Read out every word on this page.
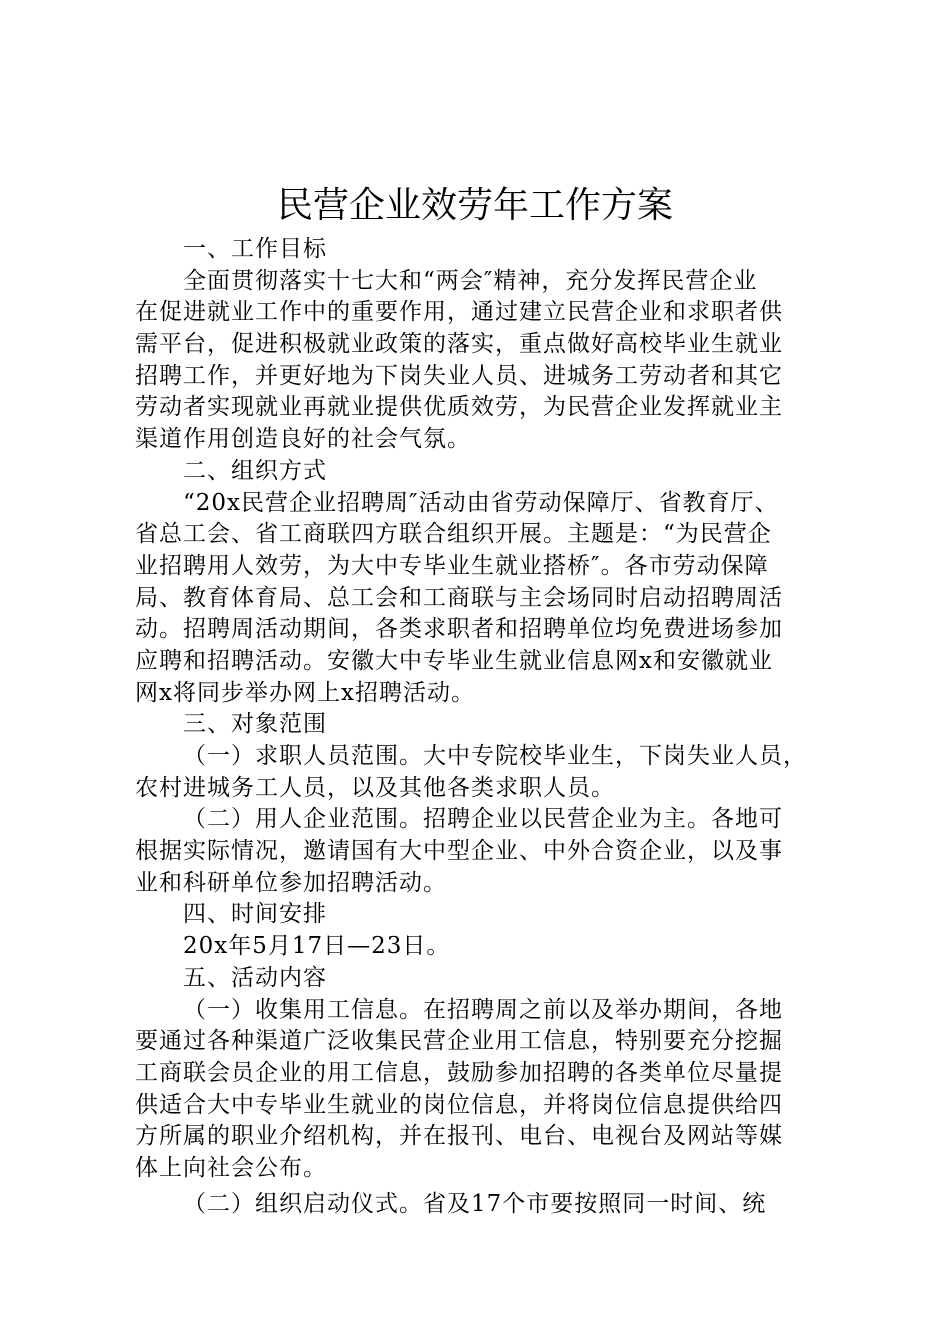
民营企业效劳年工作方案
一、工作目标
全面贯彻落实十七大和“两会″精神，充分发挥民营企业
在促进就业工作中的重要作用，通过建立民营企业和求职者供
需平台，促进积极就业政策的落实，重点做好高校毕业生就业
招聘工作，并更好地为下岗失业人员、进城务工劳动者和其它
劳动者实现就业再就业提供优质效劳，为民营企业发挥就业主
渠道作用创造良好的社会气氛。
二、组织方式
“20x民营企业招聘周″活动由省劳动保障厅、省教育厅、
省总工会、省工商联四方联合组织开展。主题是：“为民营企
业招聘用人效劳，为大中专毕业生就业搭桥″。各市劳动保障
局、教育体育局、总工会和工商联与主会场同时启动招聘周活
动。招聘周活动期间，各类求职者和招聘单位均免费进场参加
应聘和招聘活动。安徽大中专毕业生就业信息网x和安徽就业
网x将同步举办网上x招聘活动。
三、对象范围
（一）求职人员范围。大中专院校毕业生，下岗失业人员，
农村进城务工人员，以及其他各类求职人员。
（二）用人企业范围。招聘企业以民营企业为主。各地可
根据实际情况，邀请国有大中型企业、中外合资企业，以及事
业和科研单位参加招聘活动。
四、时间安排
20x年5月17日—23日。
五、活动内容
（一）收集用工信息。在招聘周之前以及举办期间，各地
要通过各种渠道广泛收集民营企业用工信息，特别要充分挖掘
工商联会员企业的用工信息，鼓励参加招聘的各类单位尽量提
供适合大中专毕业生就业的岗位信息，并将岗位信息提供给四
方所属的职业介绍机构，并在报刊、电台、电视台及网站等媒
体上向社会公布。
（二）组织启动仪式。省及17个市要按照同一时间、统
